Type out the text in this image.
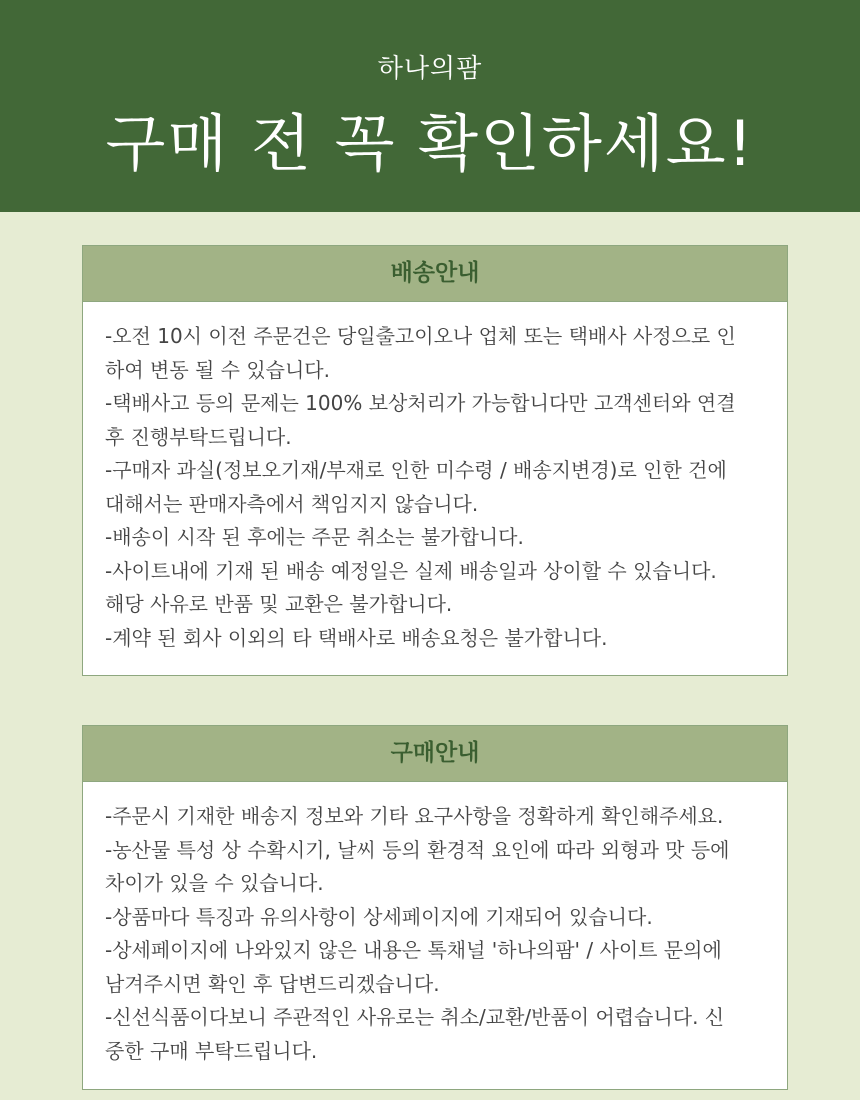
하나의팜
구매 전 꼭 확인하세요!
배송안내
-오전 10시 이전 주문건은 당일출고이오나 업체 또는 택배사 사정으로 인
하여 변동 될 수 있습니다.
-택배사고 등의 문제는 100% 보상처리가 가능합니다만 고객센터와 연결
후 진행부탁드립니다.
-구매자 과실(정보오기재/부재로 인한 미수령 / 배송지변경)로 인한 건에
대해서는 판매자측에서 책임지지 않습니다.
-배송이 시작 된 후에는 주문 취소는 불가합니다.
-사이트내에 기재 된 배송 예정일은 실제 배송일과 상이할 수 있습니다.
해당 사유로 반품 및 교환은 불가합니다.
-계약 된 회사 이외의 타 택배사로 배송요청은 불가합니다.
구매안내
-주문시 기재한 배송지 정보와 기타 요구사항을 정확하게 확인해주세요.
-농산물 특성 상 수확시기, 날씨 등의 환경적 요인에 따라 외형과 맛 등에
차이가 있을 수 있습니다.
-상품마다 특징과 유의사항이 상세페이지에 기재되어 있습니다.
-상세페이지에 나와있지 않은 내용은 톡채널 '하나의팜' / 사이트 문의에
남겨주시면 확인 후 답변드리겠습니다.
-신선식품이다보니 주관적인 사유로는 취소/교환/반품이 어렵습니다. 신
중한 구매 부탁드립니다.
